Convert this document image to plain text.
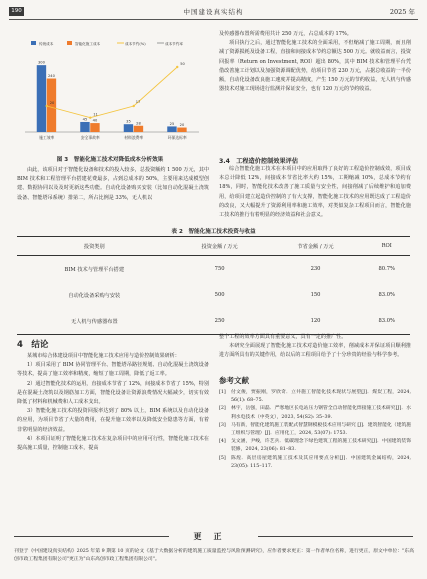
190	中国建设真实结构	2025 年
传统成本	智能化施工成本	成本节约(%)	成本节约率
300
240
施工效率
45 40
安全事故率
35 28
材料浪费率
25 20
环保达标率
20
11
50
17
图 3　智能化施工技术对降低成本分析效果

由此，该项目对于智能化设备和技术的投入较多，总投资额约 1 500 万元，其中 BIM 技术和工程管理平台搭建花费最多，占到总成本的 50%，主要用来达成模型创建、数据协同以及及时更新这些功能。自动化设备购买安装（比如自动化混凝土浇筑设备、智能塔吊系统）排第二，所占比例是 33%，无人机以

及传感器布置所需费用共计 250 万元，占总成本的 17%。

项目执行之后，通过智能化施工技术的全面采用，不但缩减了施工周期，而且削减了资源损耗及设备工程，直接和间接成本节约总额达 500 万元。就收益而言，投资回报率（Return on Investment, ROI）超出 80%，其中 BIM 技术和管理平台凭借改善施工计划以及加强资源调配优势，给项目节省 230 万元，占据总收益的一半份额，自动化设备改良施工速度并提高精度，产生 150 万元的节约收益，无人机与传感器技术对施工现场进行监测并保证安全，也有 120 万元的节约收益。

3.4　工程造价控制效果评估

综合智能化施工技术在本项目中的应用取得了良好的工程造价控制成效，项目成本总计降低 12%，间接成本节省比率大约 15%，工期缩减 10%，总成本节约有 18%，同时，智能化技术改善了施工质量与安全性，间接削减了后续维护和追加费用，给项目建立起造价控制的了有大支撑，智能化施工技术的应用既达成了工程造价的改良，又大幅提升了资源利用率和施工效率，对类似复杂工程项目而言，智能化施工技术的推行有着明显的经济效益和社会意义。

表 2　智能化施工技术投资与收益
投资类别	投资金额 / 万元	节省金额 / 万元	ROI
BIM 技术与管理平台搭建	750	230	80.7%
自动化设备采购与安装	500	150	83.0%
无人机与传感器布置	250	120	83.0%
4　结论

某城市综合体建设项目中智能化施工技术应用与造价控制效果研析：

1）项目采用了 BIM 协同管理平台、智能塔吊路径规划、自动化混凝土浇筑设备等技术，提高了施工效率和精度，缩短了施工周期，降低了返工率。

2）通过智能化技术的运用，直接成本节省了 12%，间接成本节省了 15%，特别是在混凝土浇筑以及钢筋加工方面，智能化设备让资源浪费情况大幅减少，切实有效降低了材料和机械费和人工成本支出。

3）智能化施工技术的投资回报率达到了 80% 以上，BIM 系统以及自动化设备的应用，为项目节省了大量的费用，在提升施工效率以及降低安全隐患等方面，有着非常明显的经济效益。

4）本项目证明了智能化施工技术在复杂项目中的应用可行性，智能化施工技术在提高施工质量，控制施工成本，提高

整个工程的效率方面具有重要意义，具有一定的推广性。

本研究全面展现了智能化施工技术对造价施工效率，削减成本并保证项目顺利推进方面所具有的关键作用，给以后的工程项目给予了十分珍贵的经验与科学参考。

参考文献
[1]	付文俊，贾振刚，罗欣奇．立井施工智能化技术现状与展望[J]．煤炭工程，2024, 56(1): 68–75.
[2]	林宇，岳强，田磊．严寒地区长电站压力钢管全自动智能化焊接施工技术研究[J]．水利水电技术（中英文），2023, 54(S2): 35–39.
[3]	马有新，智能化建筑施工装配式智慧钢模板技术应用与研究 [J]．建筑智能化（建筑施工组织与管理）[J]．应用化工，2024, 53(07): 1753.
[4]	戈文涵，尹峻，许艺兵．低碳理念下绿色建筑工程的施工技术研究[J]．中国建筑装饰装修，2024, 23(06): 81–83.
[5]	陈煌．高层房屋建筑施工技术及其应用要点分析[J]．中国建筑金属结构，2024, 23(05): 115–117.
更正
刊登于《中国建设真实结构》2025 年第 9 期第 10 页的论文《基于大数据分析的建筑施工质量监控与风险预测研究》，应作者要求更正：第一作者单位名称，进行更正，原文中单位："东高创市政工程集团有限公司"更正为"山东高创市政工程集团有限公司"。
